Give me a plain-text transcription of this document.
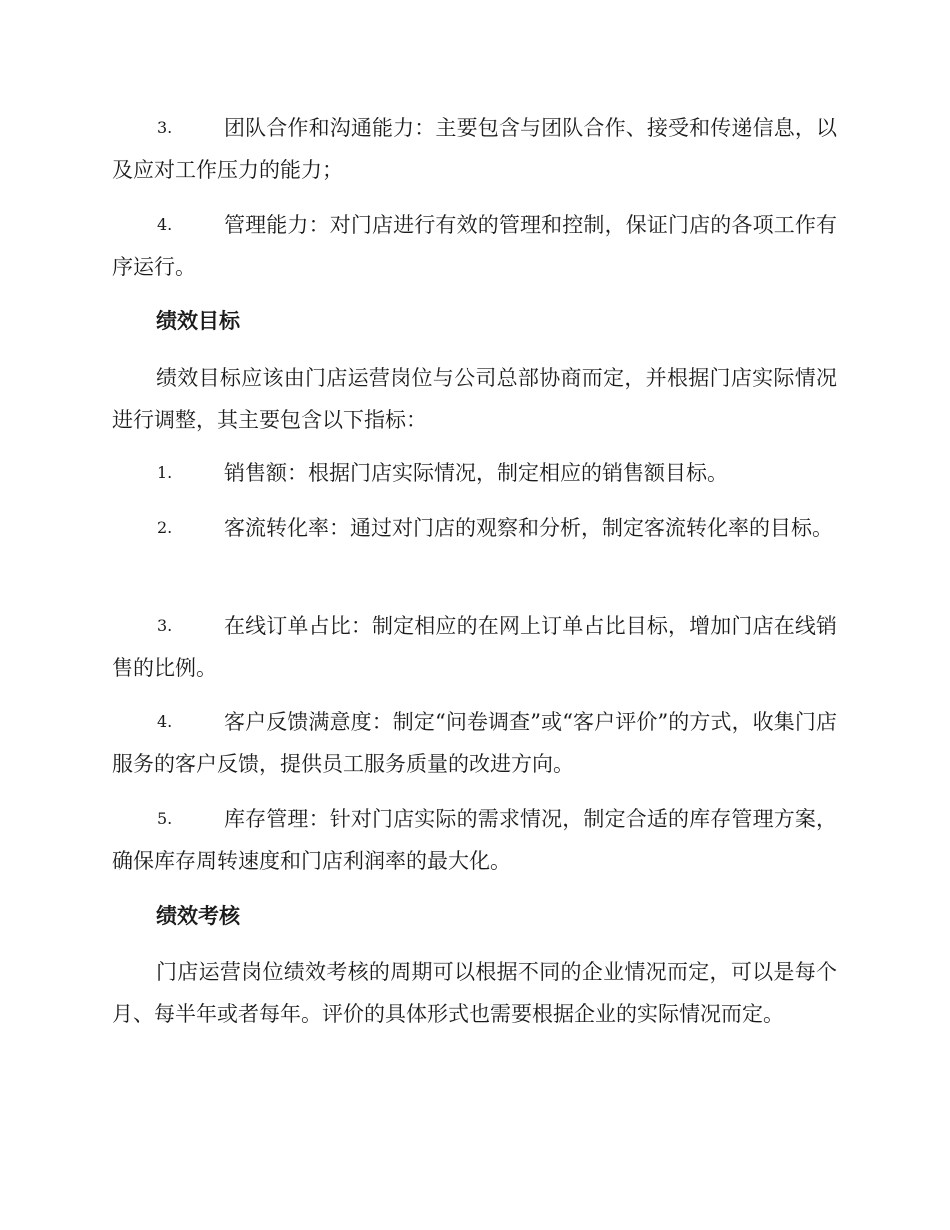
3.	团队合作和沟通能力：主要包含与团队合作、接受和传递信息，以及应对工作压力的能力；
4.	管理能力：对门店进行有效的管理和控制，保证门店的各项工作有序运行。
绩效目标
绩效目标应该由门店运营岗位与公司总部协商而定，并根据门店实际情况进行调整，其主要包含以下指标：
1.	销售额：根据门店实际情况，制定相应的销售额目标。
2.	客流转化率：通过对门店的观察和分析，制定客流转化率的目标。
3.	在线订单占比：制定相应的在网上订单占比目标，增加门店在线销售的比例。
4.	客户反馈满意度：制定“问卷调查”或“客户评价”的方式，收集门店服务的客户反馈，提供员工服务质量的改进方向。
5.	库存管理：针对门店实际的需求情况，制定合适的库存管理方案，确保库存周转速度和门店利润率的最大化。
绩效考核
门店运营岗位绩效考核的周期可以根据不同的企业情况而定，可以是每个月、每半年或者每年。评价的具体形式也需要根据企业的实际情况而定。
